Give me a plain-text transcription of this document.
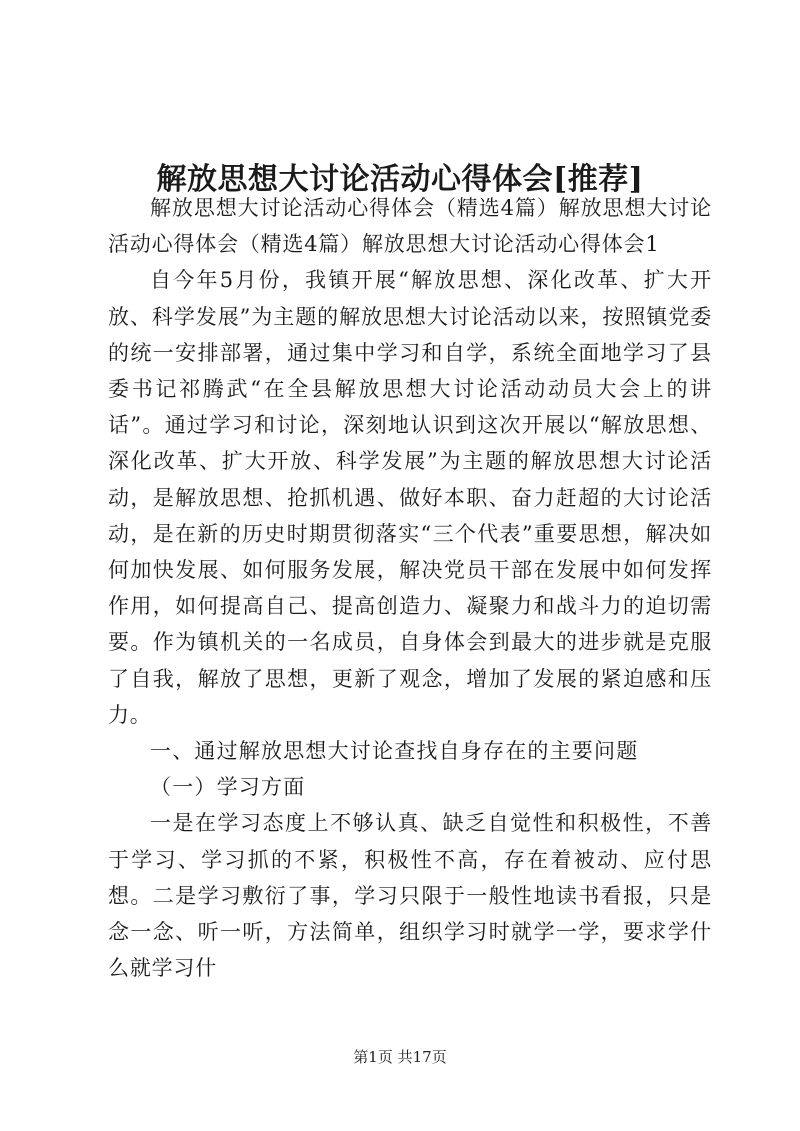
解放思想大讨论活动心得体会[推荐]

解放思想大讨论活动心得体会（精选4篇）解放思想大讨论活动心得体会（精选4篇）解放思想大讨论活动心得体会1

自今年5月份，我镇开展“解放思想、深化改革、扩大开放、科学发展”为主题的解放思想大讨论活动以来，按照镇党委的统一安排部署，通过集中学习和自学，系统全面地学习了县委书记祁腾武“在全县解放思想大讨论活动动员大会上的讲话”。通过学习和讨论，深刻地认识到这次开展以“解放思想、深化改革、扩大开放、科学发展”为主题的解放思想大讨论活动，是解放思想、抢抓机遇、做好本职、奋力赶超的大讨论活动，是在新的历史时期贯彻落实“三个代表”重要思想，解决如何加快发展、如何服务发展，解决党员干部在发展中如何发挥作用，如何提高自己、提高创造力、凝聚力和战斗力的迫切需要。作为镇机关的一名成员，自身体会到最大的进步就是克服了自我，解放了思想，更新了观念，增加了发展的紧迫感和压力。

一、通过解放思想大讨论查找自身存在的主要问题

（一）学习方面

一是在学习态度上不够认真、缺乏自觉性和积极性，不善于学习、学习抓的不紧，积极性不高，存在着被动、应付思想。二是学习敷衍了事，学习只限于一般性地读书看报，只是念一念、听一听，方法简单，组织学习时就学一学，要求学什么就学习什

第1页 共17页
